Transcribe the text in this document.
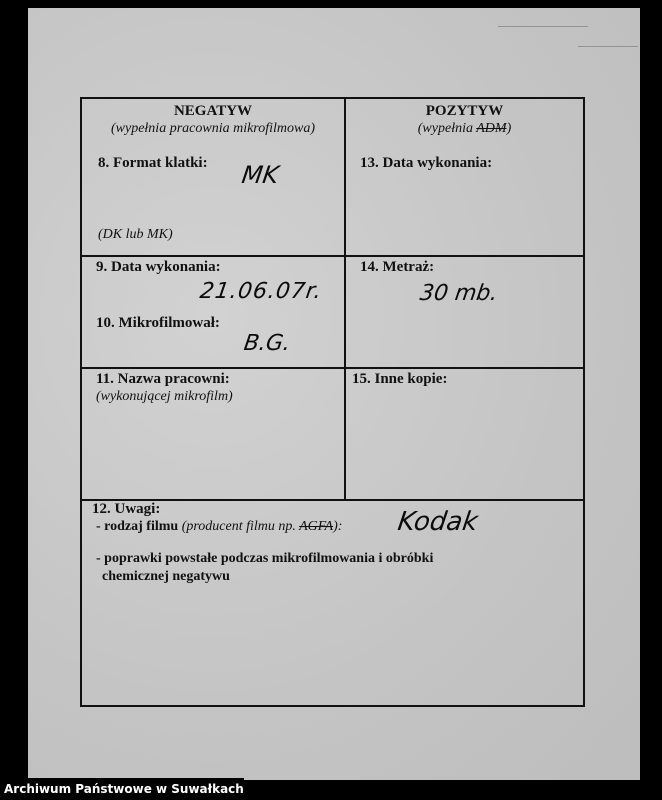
NEGATYW
(wypełnia pracownia mikrofilmowa)
POZYTYW
(wypełnia ADM)
8. Format klatki: MK
(DK lub MK)
13. Data wykonania:
9. Data wykonania:
21.06.07r.
14. Metraż:
30 mb.
10. Mikrofilmował:
B.G.
11. Nazwa pracowni:
(wykonującej mikrofilm)
15. Inne kopie:
12. Uwagi:
- rodzaj filmu (producent filmu np. AGFA): Kodak
- poprawki powstałe podczas mikrofilmowania i obróbki
chemicznej negatywu
Archiwum Państwowe w Suwałkach
